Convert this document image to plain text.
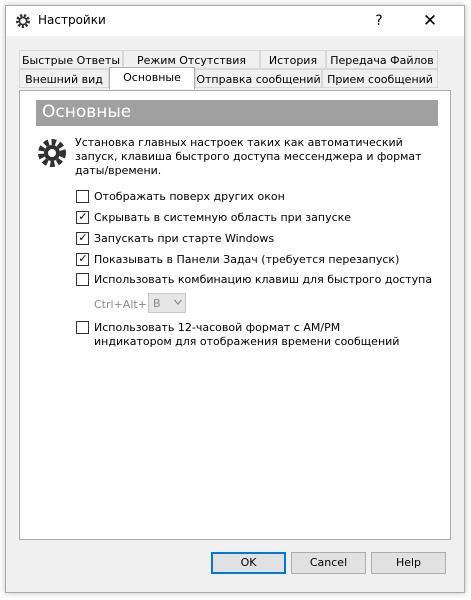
Настройки	?	✕
Быстрые Ответы	Режим Отсутствия	История	Передача Файлов
Внешний вид	Основные	Отправка сообщений Прием сообщений
Основные
Установка главных настроек таких как автоматический запуск, клавиша быстрого доступа мессенджера и формат даты/времени.
Отображать поверх других окон
✓ Скрывать в системную область при запуске
✓ Запускать при старте Windows
✓ Показывать в Панели Задач (требуется перезапуск)
Использовать комбинацию клавиш для быстрого доступа
Ctrl+Alt+ B
Использовать 12-часовой формат с AM/PM индикатором для отображения времени сообщений
OK	Cancel	Help
